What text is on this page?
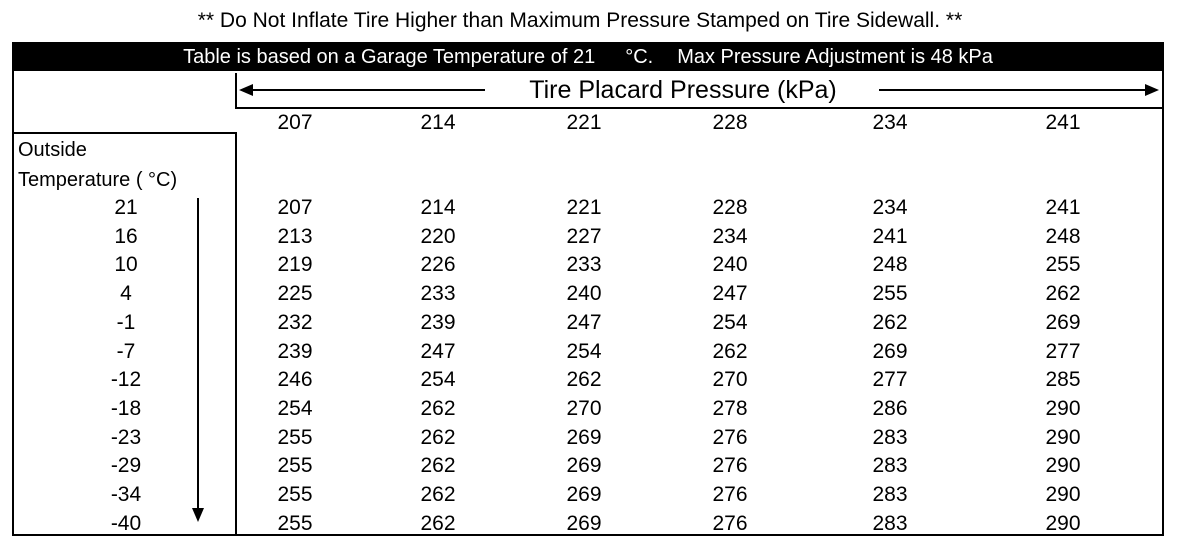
** Do Not Inflate Tire Higher than Maximum Pressure Stamped on Tire Sidewall. **
Table is based on a Garage Temperature of 21 °C. Max Pressure Adjustment is 48 kPa
Tire Placard Pressure (kPa)
207	214	221	228	234	241
Outside
Temperature ( °C)
21	207	214	221	228	234	241
16	213	220	227	234	241	248
10	219	226	233	240	248	255
4	225	233	240	247	255	262
-1	232	239	247	254	262	269
-7	239	247	254	262	269	277
-12	246	254	262	270	277	285
-18	254	262	270	278	286	290
-23	255	262	269	276	283	290
-29	255	262	269	276	283	290
-34	255	262	269	276	283	290
-40	255	262	269	276	283	290
